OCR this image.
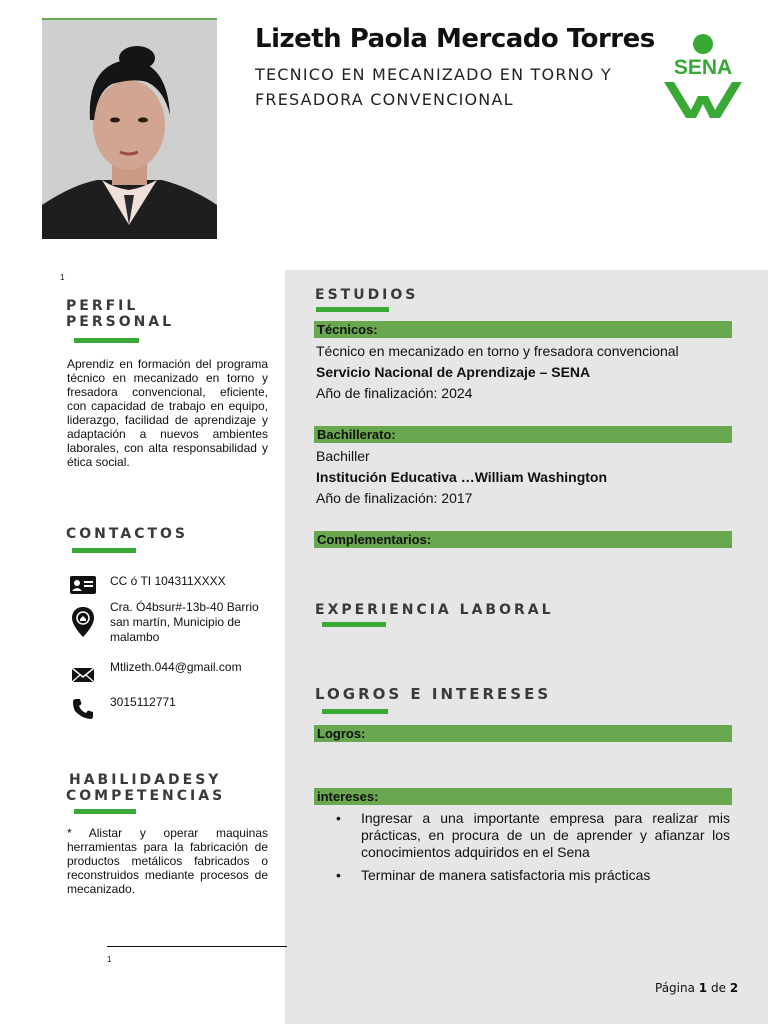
Lizeth Paola Mercado Torres
TECNICO EN MECANIZADO EN TORNO Y
FRESADORA CONVENCIONAL
SENA
1
1
PERFIL
PERSONAL
Aprendiz en formación del programa técnico en mecanizado en torno y fresadora convencional, eficiente, con capacidad de trabajo en equipo, liderazgo, facilidad de aprendizaje y adaptación a nuevos ambientes laborales, con alta responsabilidad y ética social.
CONTACTOS
CC ó TI 104311XXXX
Cra. Ó4bsur#-13b-40 Barrio san martín, Municipio de malambo
Mtlizeth.044@gmail.com
3015112771
HABILIDADESY
COMPETENCIAS
* Alistar y operar maquinas herramientas para la fabricación de productos metálicos fabricados o reconstruidos mediante procesos de mecanizado.
ESTUDIOS
Técnicos:
Técnico en mecanizado en torno y fresadora convencional
Servicio Nacional de Aprendizaje – SENA
Año de finalización: 2024
Bachillerato:
Bachiller
Institución Educativa …William Washington
Año de finalización: 2017
Complementarios:
EXPERIENCIA LABORAL
LOGROS E INTERESES
Logros:
intereses:
• Ingresar a una importante empresa para realizar mis prácticas, en procura de un de aprender y afianzar los conocimientos adquiridos en el Sena
• Terminar de manera satisfactoria mis prácticas
Página 1 de 2
